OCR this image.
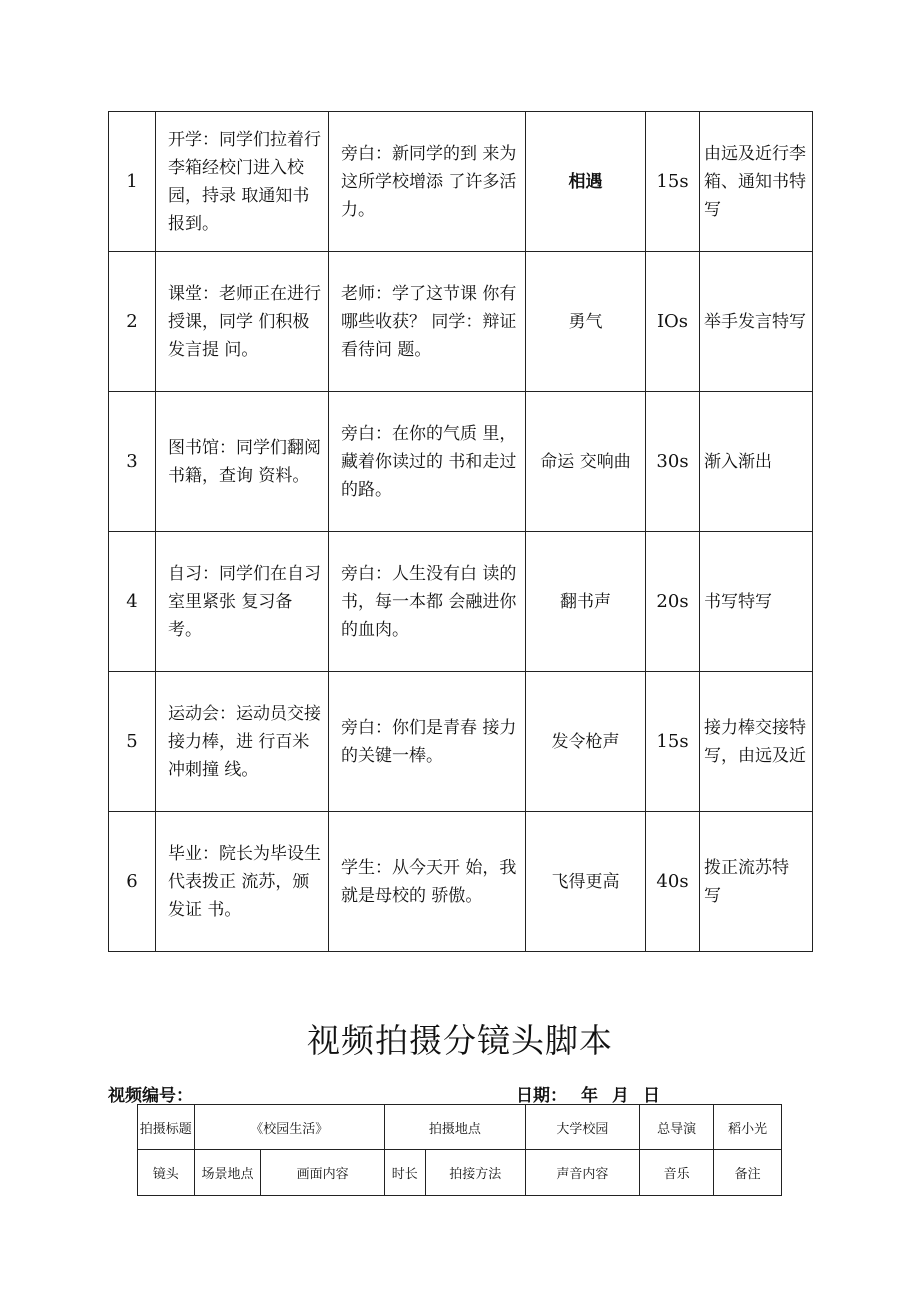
1	开学：同学们拉着行李箱经校门进入校园，持录 取通知书报到。	旁白：新同学的到 来为这所学校增添 了许多活力。	相遇	15s	由远及近行李箱、通知书特写
2	课堂：老师正在进行授课，同学 们积极发言提 问。	老师：学了这节课 你有哪些收获？ 同学：辩证看待问 题。	勇气	IOs	举手发言特写
3	图书馆：同学们翻阅书籍，查询 资料。	旁白：在你的气质 里，藏着你读过的 书和走过的路。	命运 交响曲	30s	渐入渐出
4	自习：同学们在自习室里紧张 复习备考。	旁白：人生没有白 读的书，每一本都 会融进你的血肉。	翻书声	20s	书写特写
5	运动会：运动员交接接力棒，进 行百米冲刺撞 线。	旁白：你们是青春 接力的关键一棒。	发令枪声	15s	接力棒交接特写，由远及近
6	毕业：院长为毕设生代表拨正 流苏，颁发证 书。	学生：从今天开 始，我就是母校的 骄傲。	飞得更高	40s	拨正流苏特 写
视频拍摄分镜头脚本
视频编号：	日期： 年 月 日
拍摄标题	《校园生活》		拍摄地点		大学校园	总导演	稻小光
镜头	场景地点	画面内容	时长	拍接方法	声音内容	音乐	备注
